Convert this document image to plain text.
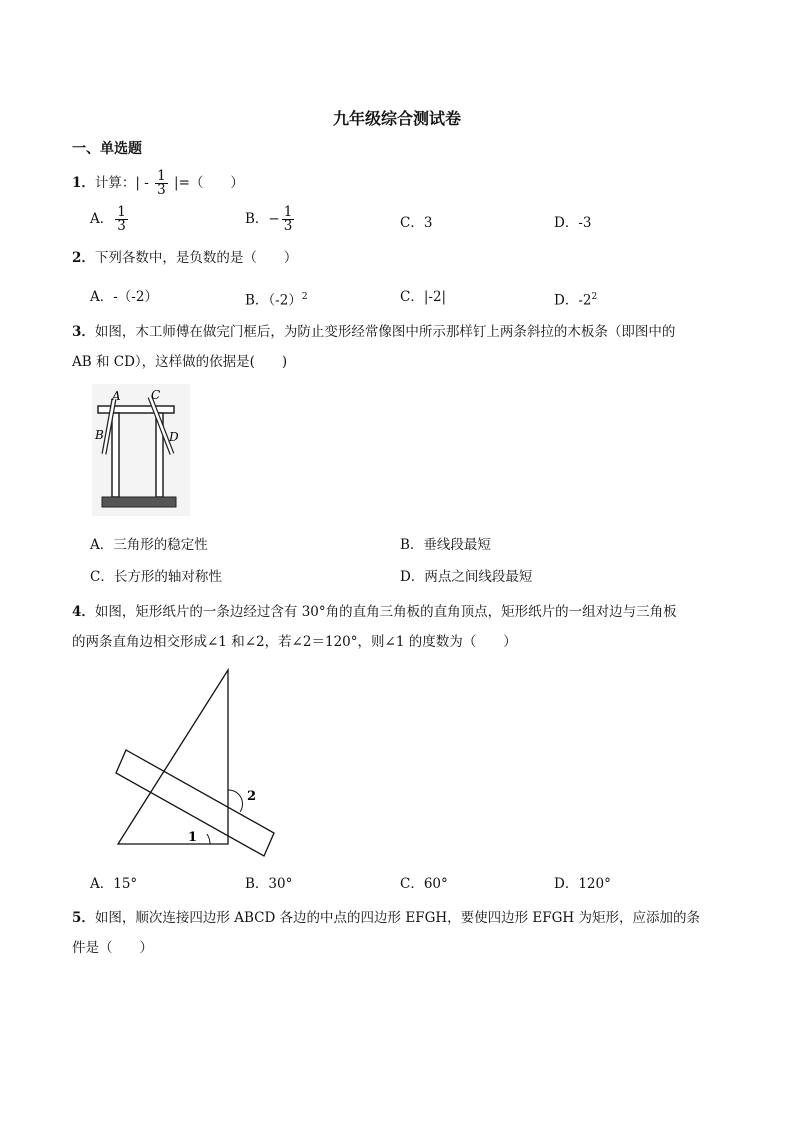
九年级综合测试卷
一、单选题
1．计算：| - $\frac{1}{3}$ |=（　　）
A． $\frac{1}{3}$	B．− $\frac{1}{3}$	C．3	D．-3
2．下列各数中，是负数的是（　　）
A．-（-2）	B．$(-2)^2$	C．|-2|	D．$-2^2$
3．如图，木工师傅在做完门框后，为防止变形经常像图中所示那样钉上两条斜拉的木板条（即图中的
AB 和 CD），这样做的依据是(　　)
A	C
B	D
A．三角形的稳定性	B．垂线段最短
C．长方形的轴对称性	D．两点之间线段最短
4．如图，矩形纸片的一条边经过含有 30°角的直角三角板的直角顶点，矩形纸片的一组对边与三角板
的两条直角边相交形成∠1 和∠2，若∠2＝120°，则∠1 的度数为（　　）
1
2
A．15°	B．30°	C．60°	D．120°
5．如图，顺次连接四边形 ABCD 各边的中点的四边形 EFGH，要使四边形 EFGH 为矩形，应添加的条
件是（　　）
